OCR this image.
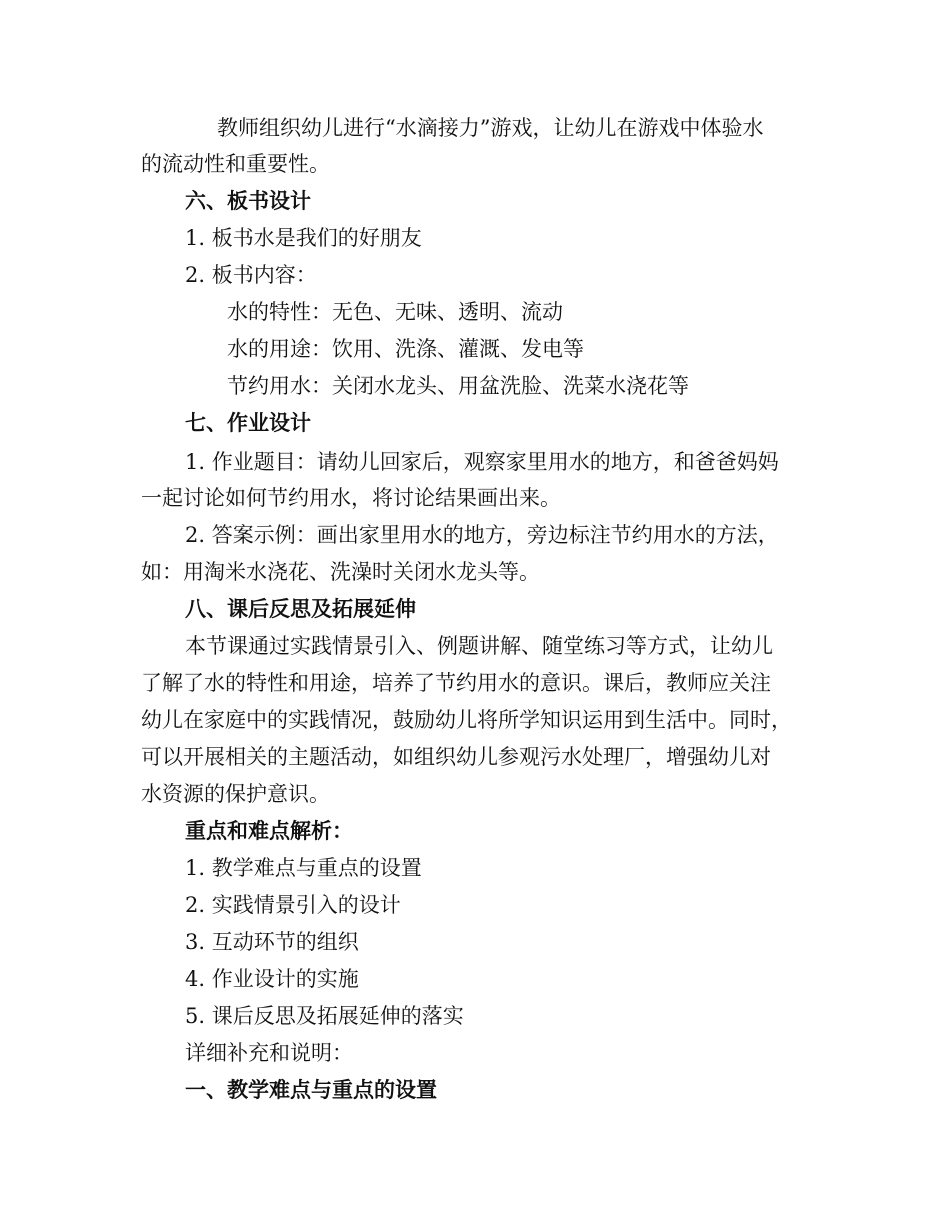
教师组织幼儿进行“水滴接力”游戏，让幼儿在游戏中体验水
的流动性和重要性。
六、板书设计
1. 板书水是我们的好朋友
2. 板书内容：
水的特性：无色、无味、透明、流动
水的用途：饮用、洗涤、灌溉、发电等
节约用水：关闭水龙头、用盆洗脸、洗菜水浇花等
七、作业设计
1. 作业题目：请幼儿回家后，观察家里用水的地方，和爸爸妈妈
一起讨论如何节约用水，将讨论结果画出来。
2. 答案示例：画出家里用水的地方，旁边标注节约用水的方法，
如：用淘米水浇花、洗澡时关闭水龙头等。
八、课后反思及拓展延伸
本节课通过实践情景引入、例题讲解、随堂练习等方式，让幼儿
了解了水的特性和用途，培养了节约用水的意识。课后，教师应关注
幼儿在家庭中的实践情况，鼓励幼儿将所学知识运用到生活中。同时，
可以开展相关的主题活动，如组织幼儿参观污水处理厂，增强幼儿对
水资源的保护意识。
重点和难点解析：
1. 教学难点与重点的设置
2. 实践情景引入的设计
3. 互动环节的组织
4. 作业设计的实施
5. 课后反思及拓展延伸的落实
详细补充和说明：
一、教学难点与重点的设置
